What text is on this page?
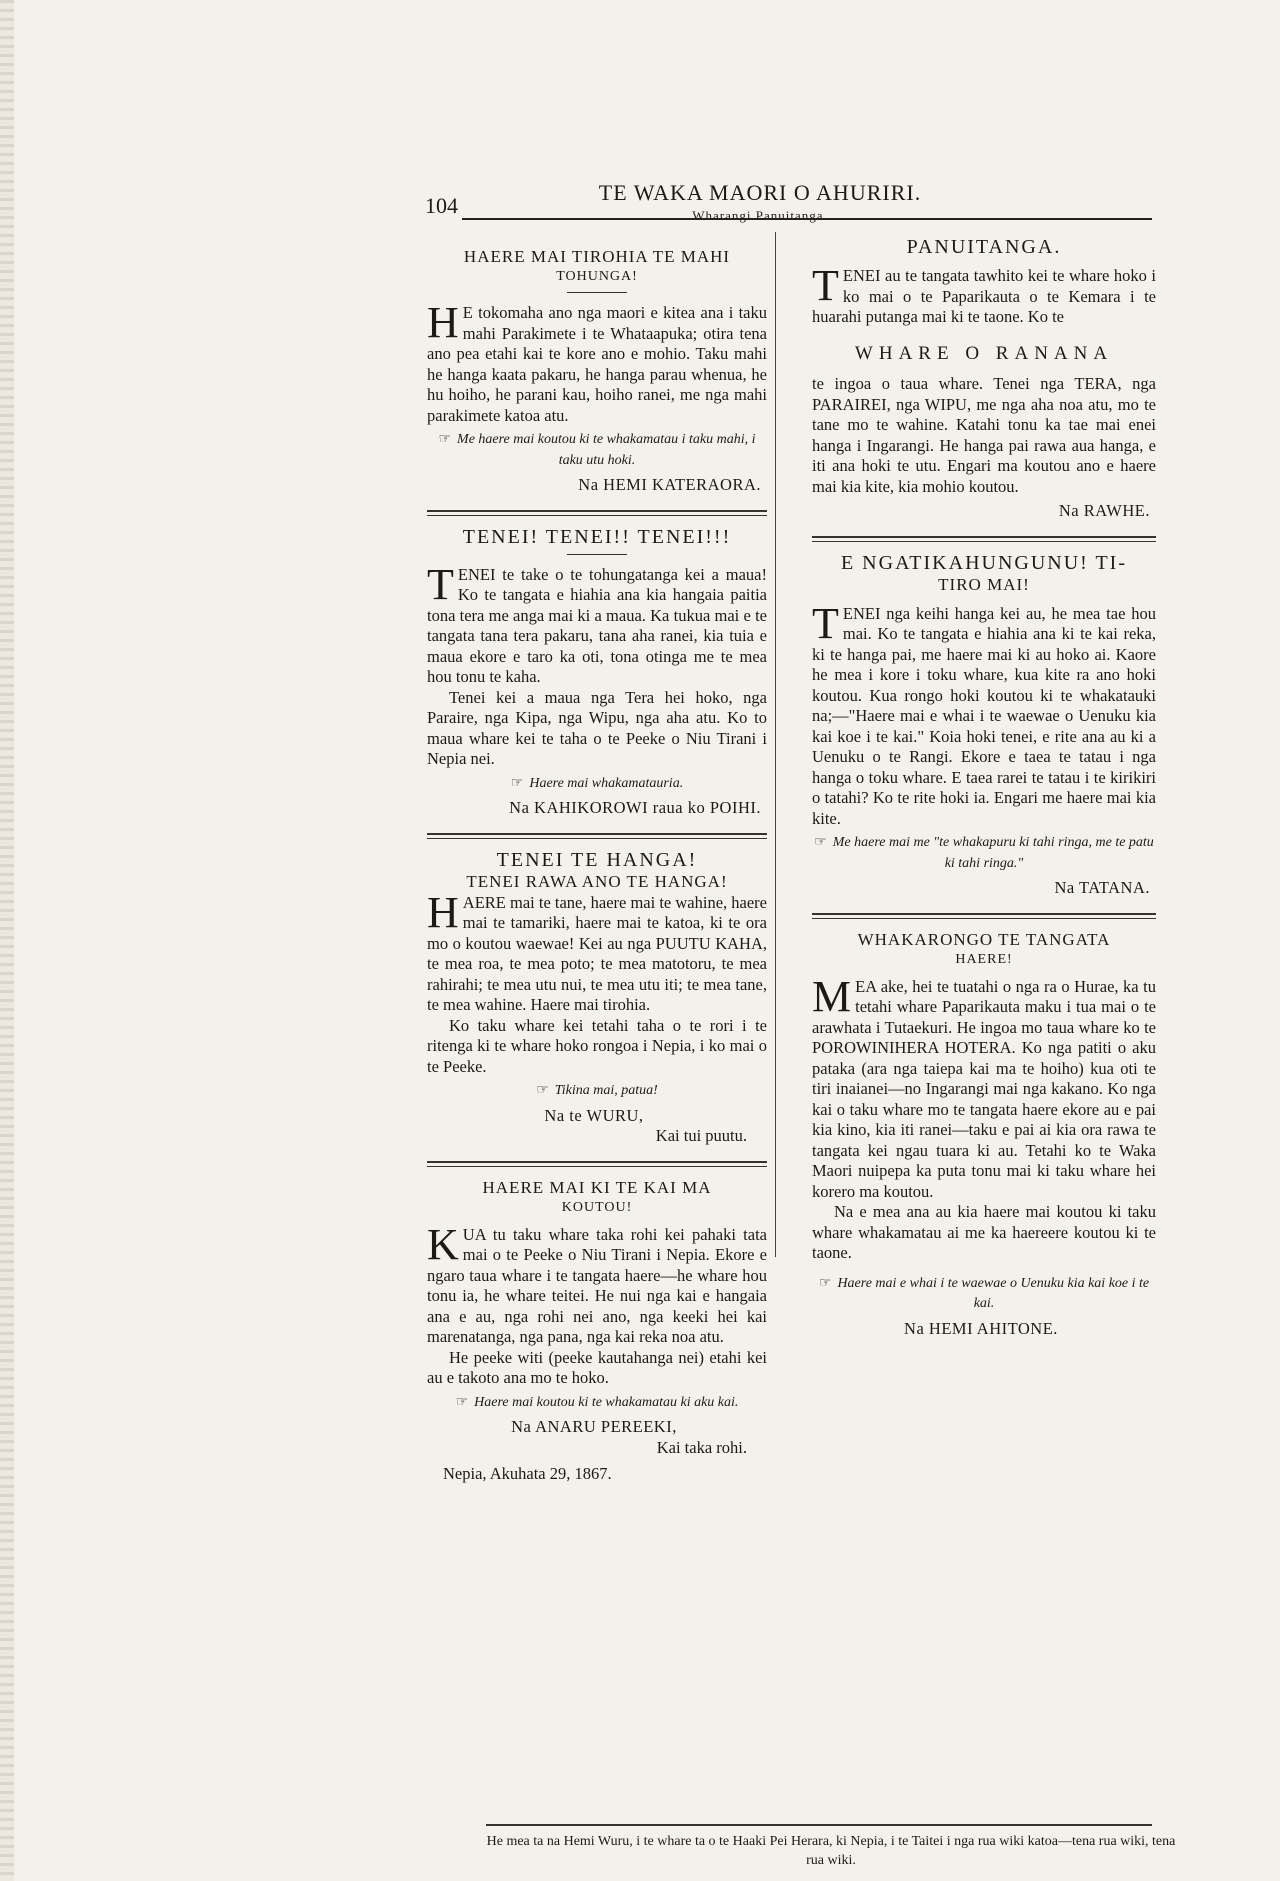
104
TE WAKA MAORI O AHURIRI.
Wharangi Panuitanga.
HAERE MAI TIROHIA TE MAHI
TOHUNGA!

H E tokomaha ano nga maori e kitea ana i taku mahi Parakimete i te Whataapuka; otira tena ano pea etahi kai te kore ano e mohio. Taku mahi he hanga kaata pakaru, he hanga parau whenua, he hu hoiho, he parani kau, hoiho ranei, me nga mahi parakimete katoa atu.

☞ Me haere mai koutou ki te whakamatau i taku mahi, i taku utu hoki.
Na HEMI KATERAORA.
TENEI! TENEI!! TENEI!!!

TENEI te take o te tohungatanga kei a maua! Ko te tangata e hiahia ana kia hangaia paitia tona tera me anga mai ki a maua. Ka tukua mai e te tangata tana tera pakaru, tana aha ranei, kia tuia e maua ekore e taro ka oti, tona otinga me te mea hou tonu te kaha.

Tenei kei a maua nga Tera hei hoko, nga Paraire, nga Kipa, nga Wipu, nga aha atu. Ko to maua whare kei te taha o te Peeke o Niu Tirani i Nepia nei.

☞ Haere mai whakamatauria.
Na KAHIKOROWI raua ko POIHI.
TENEI TE HANGA!
TENEI RAWA ANO TE HANGA!

HAERE mai te tane, haere mai te wahine, haere mai te tamariki, haere mai te katoa, ki te ora mo o koutou waewae! Kei au nga PUUTU KAHA, te mea roa, te mea poto; te mea matotoru, te mea rahirahi; te mea utu nui, te mea utu iti; te mea tane, te mea wahine. Haere mai tirohia.

Ko taku whare kei tetahi taha o te rori i te ritenga ki te whare hoko rongoa i Nepia, i ko mai o te Peeke.

☞ Tikina mai, patua!
Na te WURU,
Kai tui puutu.
HAERE MAI KI TE KAI MA
KOUTOU!

KUA tu taku whare taka rohi kei pahaki tata mai o te Peeke o Niu Tirani i Nepia. Ekore e ngaro taua whare i te tangata haere—he whare hou tonu ia, he whare teitei. He nui nga kai e hangaia ana e au, nga rohi nei ano, nga keeki hei kai marenatanga, nga pana, nga kai reka noa atu.

He peeke witi (peeke kautahanga nei) etahi kei au e takoto ana mo te hoko.

☞ Haere mai koutou ki te whakamatau ki aku kai.
Na ANARU PEREEKI,
Kai taka rohi.
Nepia, Akuhata 29, 1867.
PANUITANGA.

TENEI au te tangata tawhito kei te whare hoko i ko mai o te Paparikauta o te Kemara i te huarahi putanga mai ki te taone. Ko te

WHARE O RANANA

te ingoa o taua whare. Tenei nga TERA, nga PARAIREI, nga WIPU, me nga aha noa atu, mo te tane mo te wahine. Katahi tonu ka tae mai enei hanga i Ingarangi. He hanga pai rawa aua hanga, e iti ana hoki te utu. Engari ma koutou ano e haere mai kia kite, kia mohio koutou.

Na RAWHE.
E NGATIKAHUNGUNU! TI-
TIRO MAI!

TENEI nga keihi hanga kei au, he mea tae hou mai. Ko te tangata e hiahia ana ki te kai reka, ki te hanga pai, me haere mai ki au hoko ai. Kaore he mea i kore i toku whare, kua kite ra ano hoki koutou. Kua rongo hoki koutou ki te whakatauki na;—"Haere mai e whai i te waewae o Uenuku kia kai koe i te kai." Koia hoki tenei, e rite ana au ki a Uenuku o te Rangi. Ekore e taea te tatau i nga hanga o toku whare. E taea rarei te tatau i te kirikiri o tatahi? Ko te rite hoki ia. Engari me haere mai kia kite.

☞ Me haere mai me "te whakapuru ki tahi ringa, me te patu ki tahi ringa."
Na TATANA.
WHAKARONGO TE TANGATA
HAERE!

MEA ake, hei te tuatahi o nga ra o Hurae, ka tu tetahi whare Paparikauta maku i tua mai o te arawhata i Tutaekuri. He ingoa mo taua whare ko te POROWINIHERA HOTERA. Ko nga patiti o aku pataka (ara nga taiepa kai ma te hoiho) kua oti te tiri inaianei—no Ingarangi mai nga kakano. Ko nga kai o taku whare mo te tangata haere ekore au e pai kia kino, kia iti ranei—taku e pai ai kia ora rawa te tangata kei ngau tuara ki au. Tetahi ko te Waka Maori nuipepa ka puta tonu mai ki taku whare hei korero ma koutou.

Na e mea ana au kia haere mai koutou ki taku whare whakamatau ai me ka haereere koutou ki te taone.

☞ Haere mai e whai i te waewae o Uenuku kia kai koe i te kai.
Na HEMI AHITONE.
He mea ta na Hemi Wuru, i te whare ta o te Haaki Pei Herara, ki Nepia, i te Taitei i nga rua wiki katoa—tena rua wiki, tena rua wiki.
